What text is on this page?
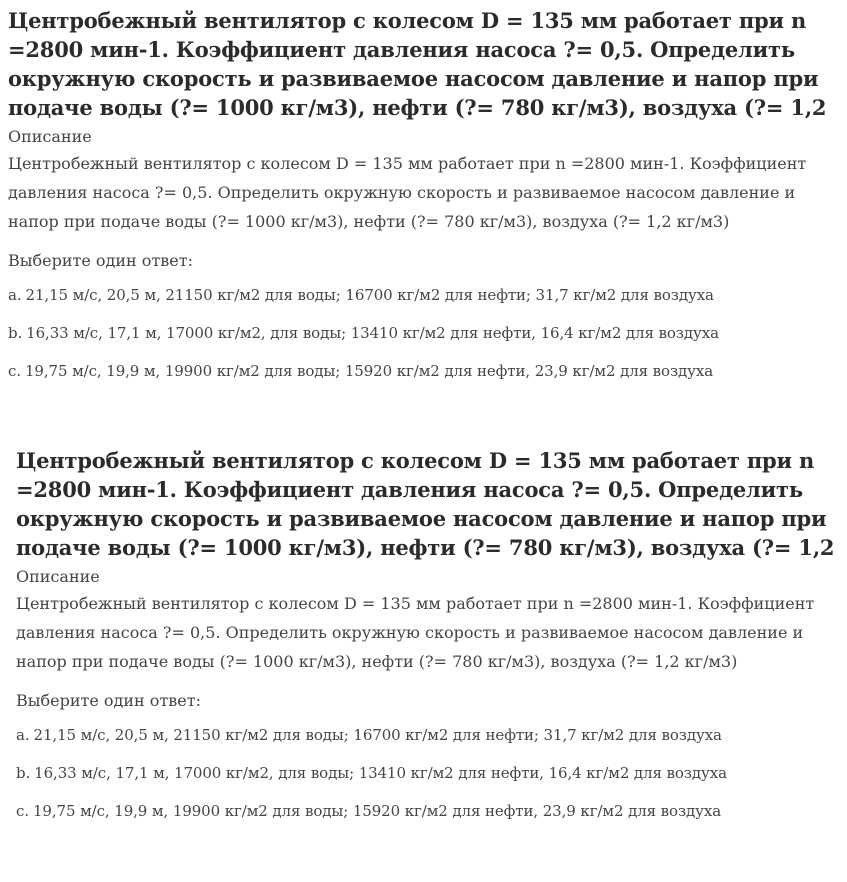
Центробежный вентилятор с колесом D = 135 мм работает при n =2800 мин-1. Коэффициент давления насоса ?= 0,5. Определить окружную скорость и развиваемое насосом давление и напор при подаче воды (?= 1000 кг/м3), нефти (?= 780 кг/м3), воздуха (?= 1,2
Описание
Центробежный вентилятор с колесом D = 135 мм работает при n =2800 мин-1. Коэффициент давления насоса ?= 0,5. Определить окружную скорость и развиваемое насосом давление и напор при подаче воды (?= 1000 кг/м3), нефти (?= 780 кг/м3), воздуха (?= 1,2 кг/м3)
Выберите один ответ:
a. 21,15 м/с, 20,5 м, 21150 кг/м2 для воды; 16700 кг/м2 для нефти; 31,7 кг/м2 для воздуха
b. 16,33 м/с, 17,1 м, 17000 кг/м2, для воды; 13410 кг/м2 для нефти, 16,4 кг/м2 для воздуха
c. 19,75 м/с, 19,9 м, 19900 кг/м2 для воды; 15920 кг/м2 для нефти, 23,9 кг/м2 для воздуха
Центробежный вентилятор с колесом D = 135 мм работает при n =2800 мин-1. Коэффициент давления насоса ?= 0,5. Определить окружную скорость и развиваемое насосом давление и напор при подаче воды (?= 1000 кг/м3), нефти (?= 780 кг/м3), воздуха (?= 1,2
Описание
Центробежный вентилятор с колесом D = 135 мм работает при n =2800 мин-1. Коэффициент давления насоса ?= 0,5. Определить окружную скорость и развиваемое насосом давление и напор при подаче воды (?= 1000 кг/м3), нефти (?= 780 кг/м3), воздуха (?= 1,2 кг/м3)
Выберите один ответ:
a. 21,15 м/с, 20,5 м, 21150 кг/м2 для воды; 16700 кг/м2 для нефти; 31,7 кг/м2 для воздуха
b. 16,33 м/с, 17,1 м, 17000 кг/м2, для воды; 13410 кг/м2 для нефти, 16,4 кг/м2 для воздуха
c. 19,75 м/с, 19,9 м, 19900 кг/м2 для воды; 15920 кг/м2 для нефти, 23,9 кг/м2 для воздуха
